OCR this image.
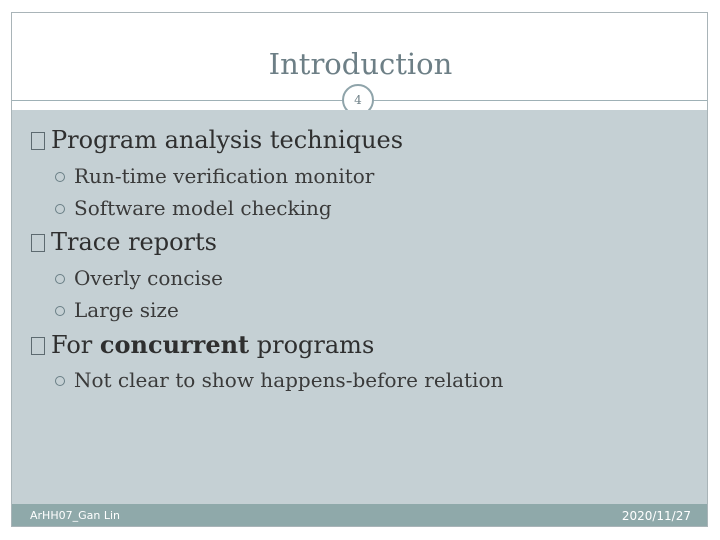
Introduction
4
Program analysis techniques
Run-time verification monitor
Software model checking
Trace reports
Overly concise
Large size
For concurrent programs
Not clear to show happens-before relation
ArHH07_Gan Lin	2020/11/27
